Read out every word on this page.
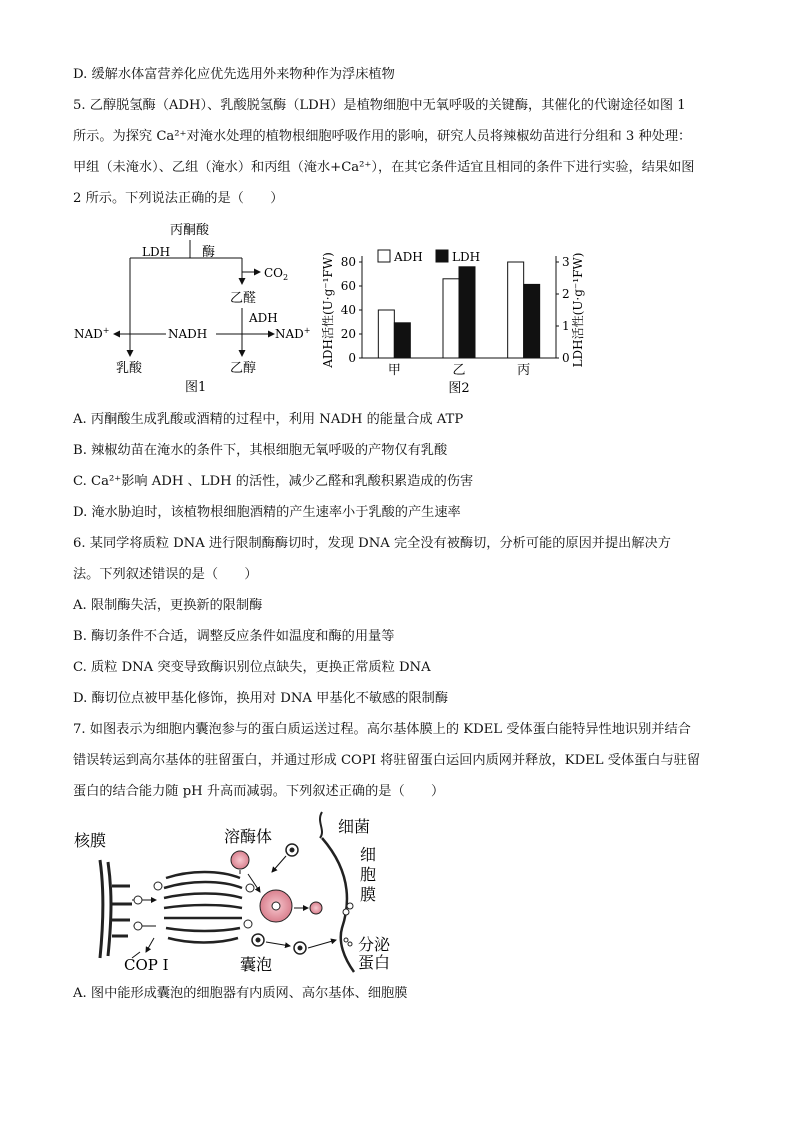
D. 缓解水体富营养化应优先选用外来物种作为浮床植物
5. 乙醇脱氢酶（ADH）、乳酸脱氢酶（LDH）是植物细胞中无氧呼吸的关键酶，其催化的代谢途径如图 1
所示。为探究 Ca²⁺对淹水处理的植物根细胞呼吸作用的影响，研究人员将辣椒幼苗进行分组和 3 种处理：
甲组（未淹水）、乙组（淹水）和丙组（淹水+Ca²⁺），在其它条件适宜且相同的条件下进行实验，结果如图
2 所示。下列说法正确的是（　　）
丙酮酸
LDH 酶
$CO_2$
乙醛
ADH
NAD+	NADH	NAD+
乳酸	乙醇
图1
0
20
40
60
80
0
1
2
3
ADH活性(U·g⁻¹FW)	LDH活性(U·g⁻¹FW)
甲	乙	丙
ADH LDH
图2
A. 丙酮酸生成乳酸或酒精的过程中，利用 NADH 的能量合成 ATP
B. 辣椒幼苗在淹水的条件下，其根细胞无氧呼吸的产物仅有乳酸
C. Ca²⁺影响 ADH 、LDH 的活性，减少乙醛和乳酸积累造成的伤害
D. 淹水胁迫时，该植物根细胞酒精的产生速率小于乳酸的产生速率
6. 某同学将质粒 DNA 进行限制酶酶切时，发现 DNA 完全没有被酶切，分析可能的原因并提出解决方
法。下列叙述错误的是（　　）
A. 限制酶失活，更换新的限制酶
B. 酶切条件不合适，调整反应条件如温度和酶的用量等
C. 质粒 DNA 突变导致酶识别位点缺失，更换正常质粒 DNA
D. 酶切位点被甲基化修饰，换用对 DNA 甲基化不敏感的限制酶
7. 如图表示为细胞内囊泡参与的蛋白质运送过程。高尔基体膜上的 KDEL 受体蛋白能特异性地识别并结合
错误转运到高尔基体的驻留蛋白，并通过形成 COPI 将驻留蛋白运回内质网并释放，KDEL 受体蛋白与驻留
蛋白的结合能力随 pH 升高而减弱。下列叙述正确的是（　　）
核膜	溶酶体
细菌
细
胞
膜
分泌
蛋白
囊泡
COP I
A. 图中能形成囊泡的细胞器有内质网、高尔基体、细胞膜
